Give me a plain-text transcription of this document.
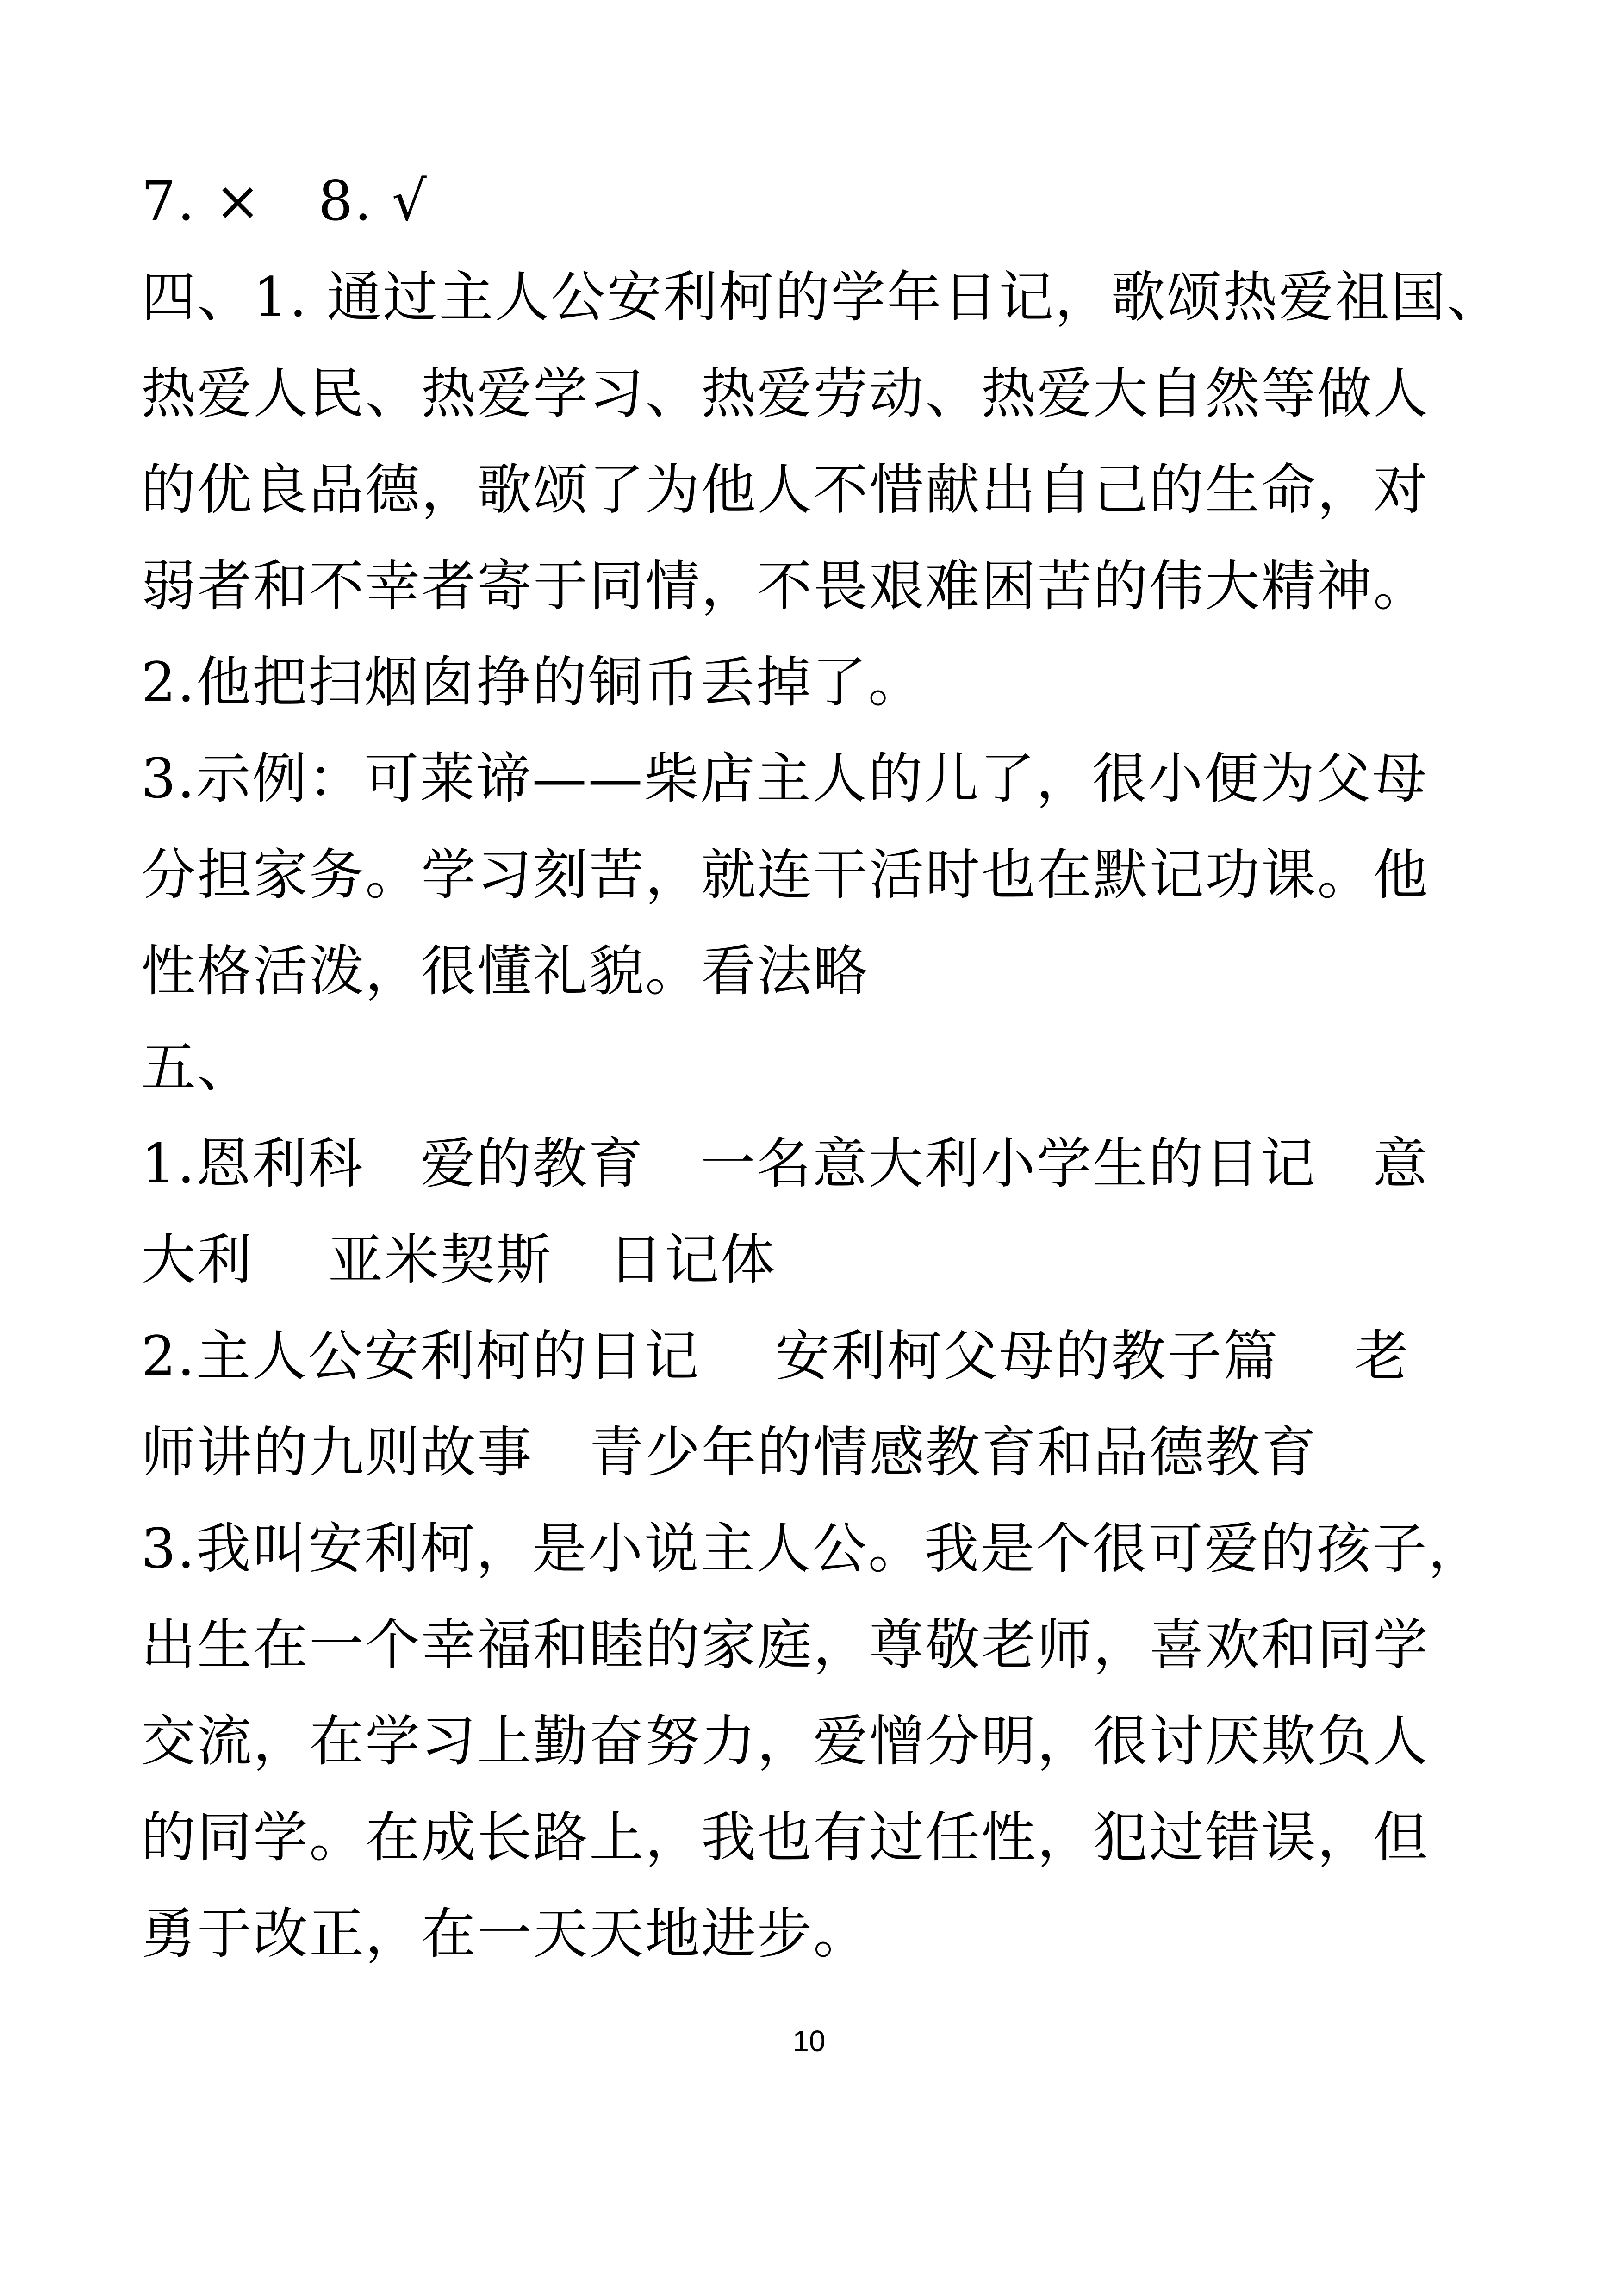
7. ×   8. √
四、1. 通过主人公安利柯的学年日记，歌颂热爱祖国、
热爱人民、热爱学习、热爱劳动、热爱大自然等做人
的优良品德，歌颂了为他人不惜献出自己的生命，对
弱者和不幸者寄于同情，不畏艰难困苦的伟大精神。
2.他把扫烟囱挣的铜币丢掉了。
3.示例：可莱谛——柴店主人的儿了，很小便为父母
分担家务。学习刻苦，就连干活时也在默记功课。他
性格活泼，很懂礼貌。看法略
五、
1.恩利科   爱的教育   一名意大利小学生的日记   意
大利    亚米契斯   日记体
2.主人公安利柯的日记    安利柯父母的教子篇    老
师讲的九则故事   青少年的情感教育和品德教育
3.我叫安利柯，是小说主人公。我是个很可爱的孩子，
出生在一个幸福和睦的家庭，尊敬老师，喜欢和同学
交流，在学习上勤奋努力，爱憎分明，很讨厌欺负人
的同学。在成长路上，我也有过任性，犯过错误，但
勇于改正，在一天天地进步。
10
